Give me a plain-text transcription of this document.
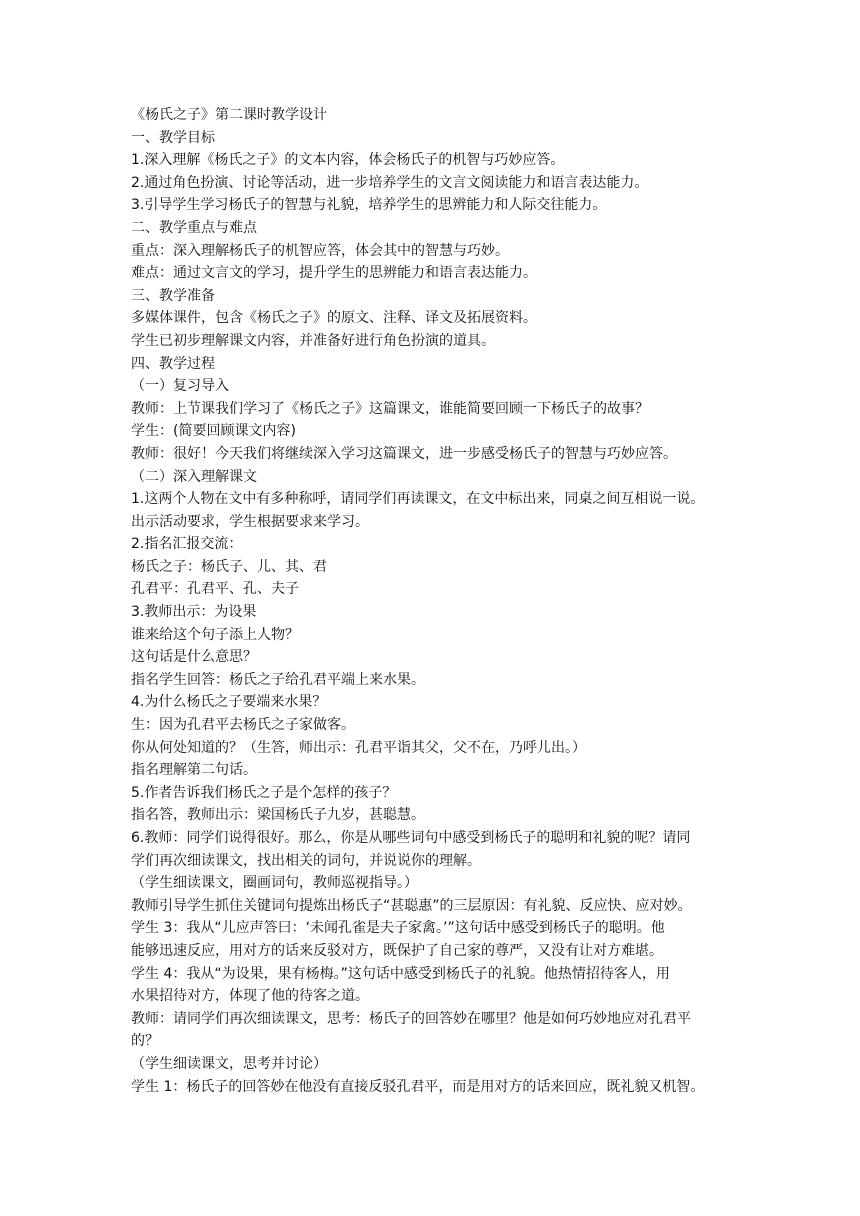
《杨氏之子》第二课时教学设计
一、教学目标
1.深入理解《杨氏之子》的文本内容，体会杨氏子的机智与巧妙应答。
2.通过角色扮演、讨论等活动，进一步培养学生的文言文阅读能力和语言表达能力。
3.引导学生学习杨氏子的智慧与礼貌，培养学生的思辨能力和人际交往能力。
二、教学重点与难点
重点：深入理解杨氏子的机智应答，体会其中的智慧与巧妙。
难点：通过文言文的学习，提升学生的思辨能力和语言表达能力。
三、教学准备
多媒体课件，包含《杨氏之子》的原文、注释、译文及拓展资料。
学生已初步理解课文内容，并准备好进行角色扮演的道具。
四、教学过程
（一）复习导入
教师：上节课我们学习了《杨氏之子》这篇课文，谁能简要回顾一下杨氏子的故事？
学生：(简要回顾课文内容)
教师：很好！今天我们将继续深入学习这篇课文，进一步感受杨氏子的智慧与巧妙应答。
（二）深入理解课文
1.这两个人物在文中有多种称呼，请同学们再读课文，在文中标出来，同桌之间互相说一说。
出示活动要求，学生根据要求来学习。
2.指名汇报交流：
杨氏之子：杨氏子、儿、其、君
孔君平：孔君平、孔、夫子
3.教师出示：为设果
谁来给这个句子添上人物？
这句话是什么意思？
指名学生回答：杨氏之子给孔君平端上来水果。
4.为什么杨氏之子要端来水果？
生：因为孔君平去杨氏之子家做客。
你从何处知道的？（生答，师出示：孔君平诣其父，父不在，乃呼儿出。）
指名理解第二句话。
5.作者告诉我们杨氏之子是个怎样的孩子？
指名答，教师出示：梁国杨氏子九岁，甚聪慧。
6.教师：同学们说得很好。那么，你是从哪些词句中感受到杨氏子的聪明和礼貌的呢？请同
学们再次细读课文，找出相关的词句，并说说你的理解。
（学生细读课文，圈画词句，教师巡视指导。）
教师引导学生抓住关键词句提炼出杨氏子“甚聪惠”的三层原因：有礼貌、反应快、应对妙。
学生 3：我从“儿应声答曰：‘未闻孔雀是夫子家禽。’”这句话中感受到杨氏子的聪明。他
能够迅速反应，用对方的话来反驳对方，既保护了自己家的尊严，又没有让对方难堪。
学生 4：我从“为设果，果有杨梅。”这句话中感受到杨氏子的礼貌。他热情招待客人，用
水果招待对方，体现了他的待客之道。
教师：请同学们再次细读课文，思考：杨氏子的回答妙在哪里？他是如何巧妙地应对孔君平
的？
（学生细读课文，思考并讨论）
学生 1：杨氏子的回答妙在他没有直接反驳孔君平，而是用对方的话来回应，既礼貌又机智。
